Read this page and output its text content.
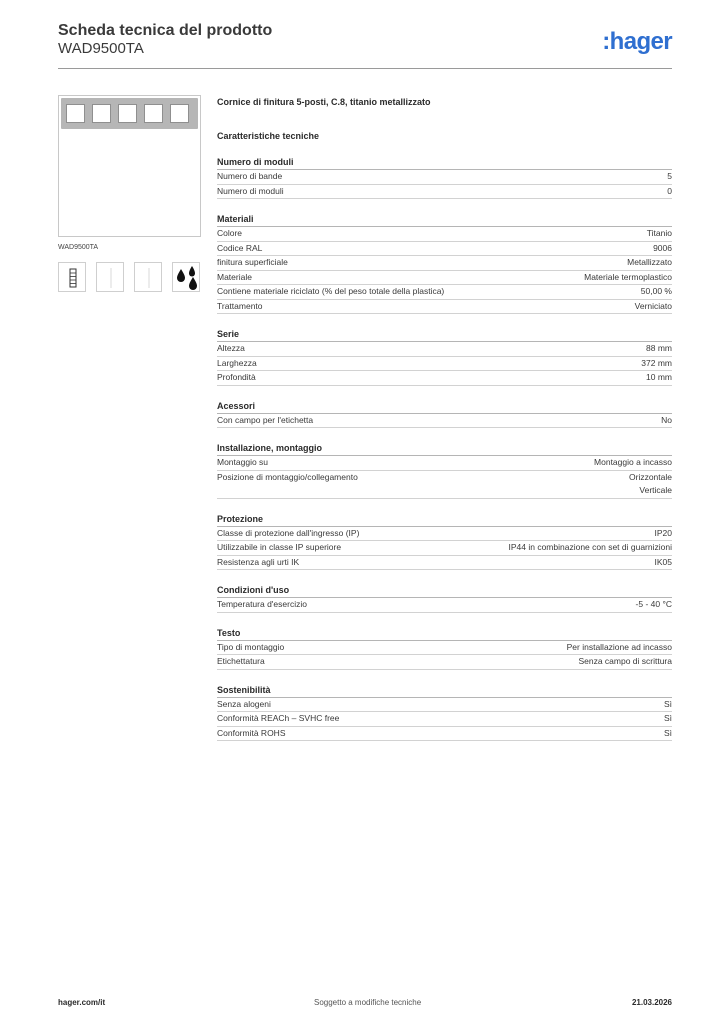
Scheda tecnica del prodotto
WAD9500TA	:hager
WAD9500TA
Cornice di finitura 5-posti, C.8, titanio metallizzato
Caratteristiche tecniche
Numero di moduli
Numero di bande	5
Numero di moduli	0
Materiali
Colore	Titanio
Codice RAL	9006
finitura superficiale	Metallizzato
Materiale	Materiale termoplastico
Contiene materiale riciclato (% del peso totale della plastica)	50,00 %
Trattamento	Verniciato
Serie
Altezza	88 mm
Larghezza	372 mm
Profondità	10 mm
Acessori
Con campo per l'etichetta	No
Installazione, montaggio
Montaggio su	Montaggio a incasso
Posizione di montaggio/collegamento	Orizzontale
Verticale
Protezione
Classe di protezione dall'ingresso (IP)	IP20
Utilizzabile in classe IP superiore	IP44 in combinazione con set di guarnizioni
Resistenza agli urti IK	IK05
Condizioni d'uso
Temperatura d'esercizio	-5 - 40 °C
Testo
Tipo di montaggio	Per installazione ad incasso
Etichettatura	Senza campo di scrittura
Sostenibilità
Senza alogeni	Sì
Conformità REACh – SVHC free	Sì
Conformità ROHS	Sì
hager.com/it	Soggetto a modifiche tecniche	21.03.2026
